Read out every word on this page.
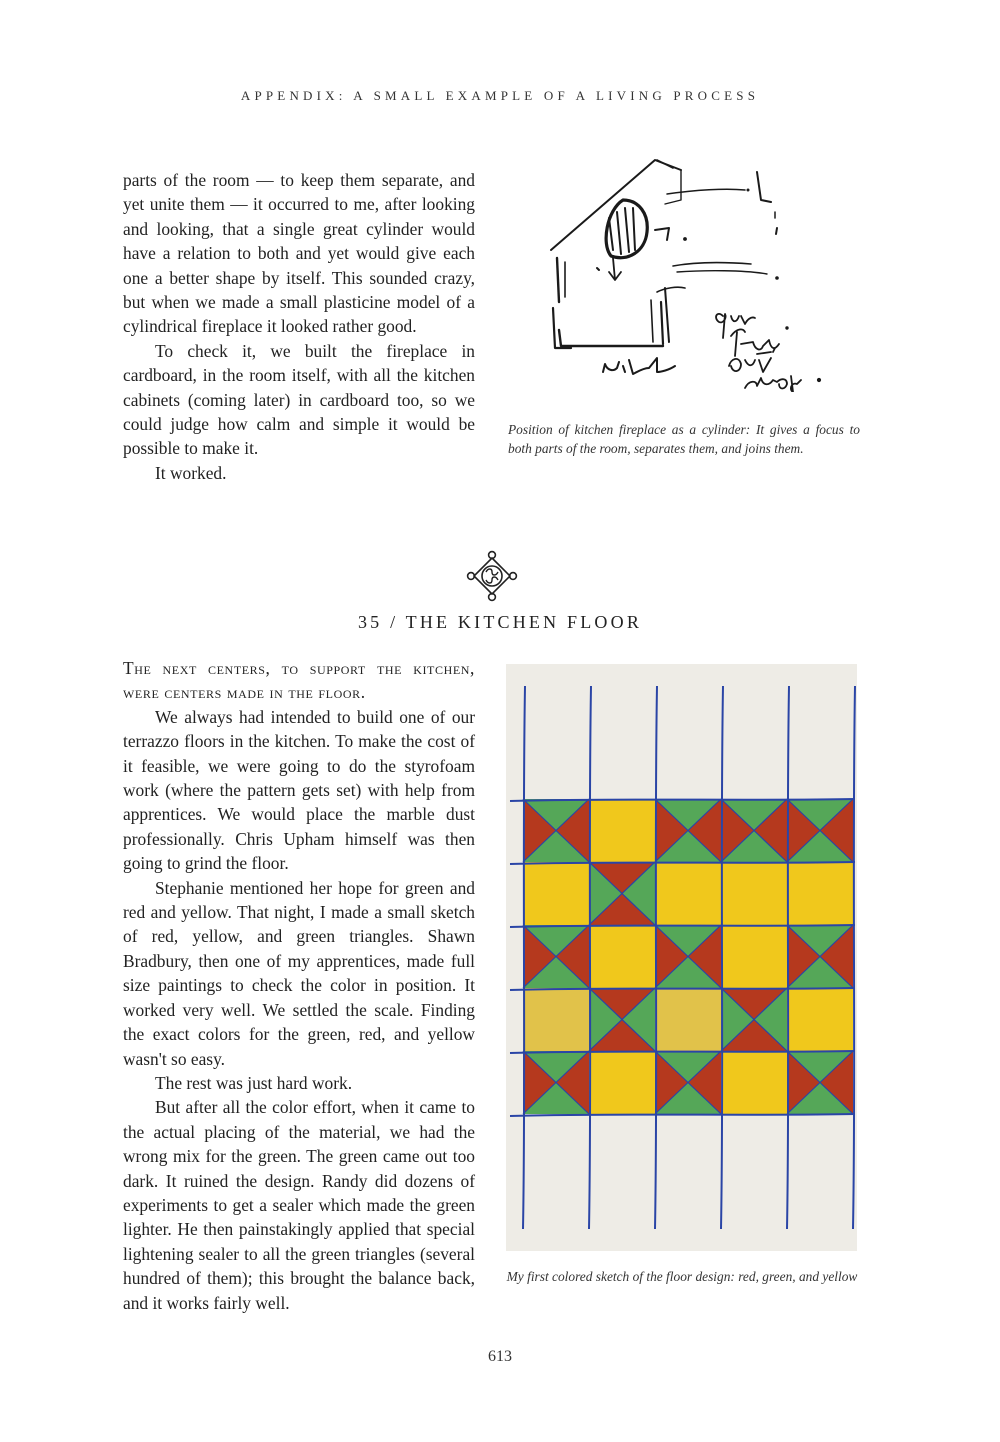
APPENDIX: A SMALL EXAMPLE OF A LIVING PROCESS

parts of the room — to keep them separate, and yet unite them — it occurred to me, after looking and looking, that a single great cylinder would have a relation to both and yet would give each one a better shape by itself. This sounded crazy, but when we made a small plasticine model of a cylindrical fireplace it looked rather good.

To check it, we built the fireplace in cardboard, in the room itself, with all the kitchen cabinets (coming later) in cardboard too, so we could judge how calm and simple it would be possible to make it.

It worked.

Position of kitchen fireplace as a cylinder: It gives a focus to both parts of the room, separates them, and joins them.
35 / THE KITCHEN FLOOR

The next centers, to support the kitchen, were centers made in the floor.

We always had intended to build one of our terrazzo floors in the kitchen. To make the cost of it feasible, we were going to do the styrofoam work (where the pattern gets set) with help from apprentices. We would place the marble dust professionally. Chris Upham himself was then going to grind the floor.

Stephanie mentioned her hope for green and red and yellow. That night, I made a small sketch of red, yellow, and green triangles. Shawn Bradbury, then one of my apprentices, made full size paintings to check the color in position. It worked very well. We settled the scale. Finding the exact colors for the green, red, and yellow wasn't so easy.

The rest was just hard work.

But after all the color effort, when it came to the actual placing of the material, we had the wrong mix for the green. The green came out too dark. It ruined the design. Randy did dozens of experiments to get a sealer which made the green lighter. He then painstakingly applied that special lightening sealer to all the green triangles (several hundred of them); this brought the balance back, and it works fairly well.

My first colored sketch of the floor design: red, green, and yellow
613
